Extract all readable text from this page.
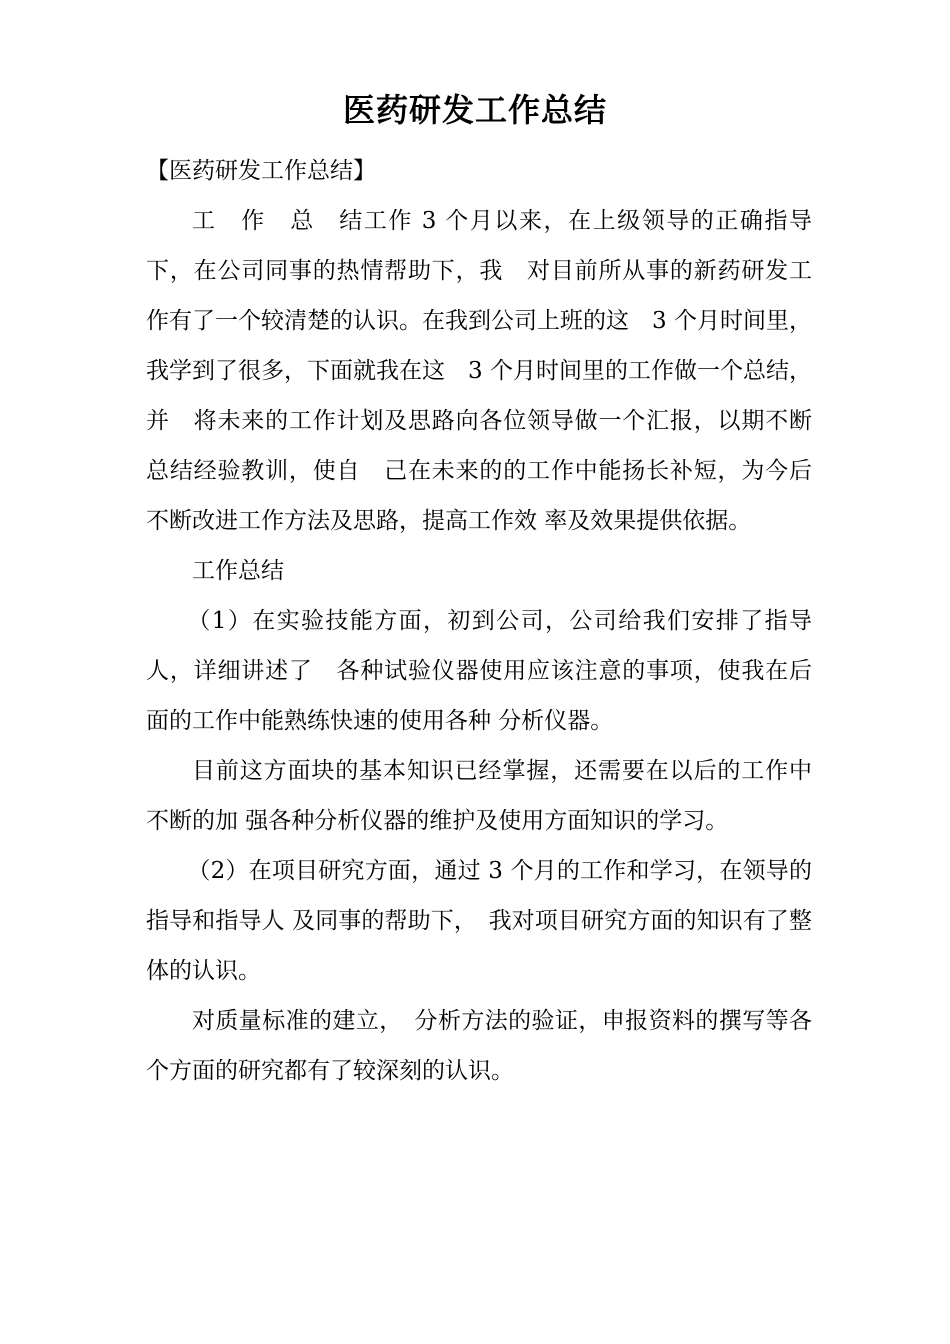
医药研发工作总结

【医药研发工作总结】

工　作　总　结工作 3 个月以来，在上级领导的正确指导下，在公司同事的热情帮助下，我　对目前所从事的新药研发工作有了一个较清楚的认识。在我到公司上班的这　3 个月时间里，我学到了很多，下面就我在这　3 个月时间里的工作做一个总结，并　将未来的工作计划及思路向各位领导做一个汇报，以期不断总结经验教训，使自　己在未来的的工作中能扬长补短，为今后不断改进工作方法及思路，提高工作效 率及效果提供依据。

工作总结

（1）在实验技能方面，初到公司，公司给我们安排了指导人，详细讲述了　各种试验仪器使用应该注意的事项，使我在后面的工作中能熟练快速的使用各种 分析仪器。

目前这方面块的基本知识已经掌握，还需要在以后的工作中不断的加 强各种分析仪器的维护及使用方面知识的学习。

（2）在项目研究方面，通过 3 个月的工作和学习，在领导的指导和指导人 及同事的帮助下，　我对项目研究方面的知识有了整体的认识。

对质量标准的建立，　分析方法的验证，申报资料的撰写等各个方面的研究都有了较深刻的认识。
